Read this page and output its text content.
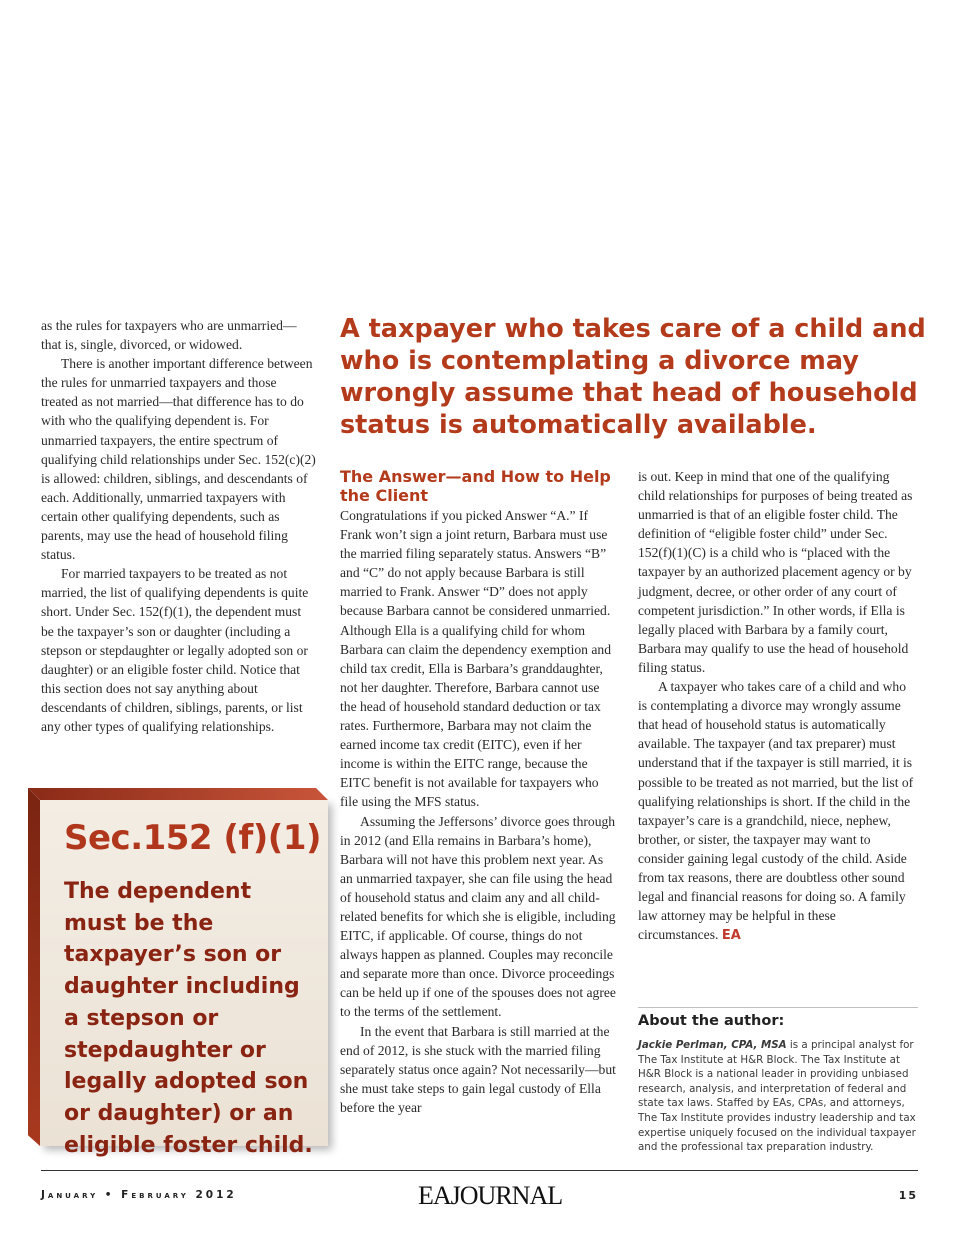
A taxpayer who takes care of a child and who is contemplating a divorce may wrongly assume that head of household status is automatically available.

as the rules for taxpayers who are unmarried—that is, single, divorced, or widowed.

There is another important difference between the rules for unmarried taxpayers and those treated as not married—that difference has to do with who the qualifying dependent is. For unmarried taxpayers, the entire spectrum of qualifying child relationships under Sec. 152(c)(2) is allowed: children, siblings, and descendants of each. Additionally, unmarried taxpayers with certain other qualifying dependents, such as parents, may use the head of household filing status.

For married taxpayers to be treated as not married, the list of qualifying dependents is quite short. Under Sec. 152(f)(1), the dependent must be the taxpayer’s son or daughter (including a stepson or stepdaughter or legally adopted son or daughter) or an eligible foster child. Notice that this section does not say anything about descendants of children, siblings, parents, or list any other types of qualifying relationships.

Sec.152 (f)(1)

The dependent must be the taxpayer’s son or daughter including a stepson or stepdaughter or legally adopted son or daughter) or an eligible foster child.

The Answer—and How to Help the Client

Congratulations if you picked Answer “A.” If Frank won’t sign a joint return, Barbara must use the married filing separately status. Answers “B” and “C” do not apply because Barbara is still married to Frank. Answer “D” does not apply because Barbara cannot be considered unmarried. Although Ella is a qualifying child for whom Barbara can claim the dependency exemption and child tax credit, Ella is Barbara’s granddaughter, not her daughter. Therefore, Barbara cannot use the head of household standard deduction or tax rates. Furthermore, Barbara may not claim the earned income tax credit (EITC), even if her income is within the EITC range, because the EITC benefit is not available for taxpayers who file using the MFS status.

Assuming the Jeffersons’ divorce goes through in 2012 (and Ella remains in Barbara’s home), Barbara will not have this problem next year. As an unmarried taxpayer, she can file using the head of household status and claim any and all child-related benefits for which she is eligible, including EITC, if applicable. Of course, things do not always happen as planned. Couples may reconcile and separate more than once. Divorce proceedings can be held up if one of the spouses does not agree to the terms of the settlement.

In the event that Barbara is still married at the end of 2012, is she stuck with the married filing separately status once again? Not necessarily—but she must take steps to gain legal custody of Ella before the year

is out. Keep in mind that one of the qualifying child relationships for purposes of being treated as unmarried is that of an eligible foster child. The definition of “eligible foster child” under Sec. 152(f)(1)(C) is a child who is “placed with the taxpayer by an authorized placement agency or by judgment, decree, or other order of any court of competent jurisdiction.” In other words, if Ella is legally placed with Barbara by a family court, Barbara may qualify to use the head of household filing status.

A taxpayer who takes care of a child and who is contemplating a divorce may wrongly assume that head of household status is automatically available. The taxpayer (and tax preparer) must understand that if the taxpayer is still married, it is possible to be treated as not married, but the list of qualifying relationships is short. If the child in the taxpayer’s care is a grandchild, niece, nephew, brother, or sister, the taxpayer may want to consider gaining legal custody of the child. Aside from tax reasons, there are doubtless other sound legal and financial reasons for doing so. A family law attorney may be helpful in these circumstances. EA

About the author:

Jackie Perlman, CPA, MSA is a principal analyst for The Tax Institute at H&R Block. The Tax Institute at H&R Block is a national leader in providing unbiased research, analysis, and interpretation of federal and state tax laws. Staffed by EAs, CPAs, and attorneys, The Tax Institute provides industry leadership and tax expertise uniquely focused on the individual taxpayer and the professional tax preparation industry.

January • February 2012	EAJOURNAL	15
